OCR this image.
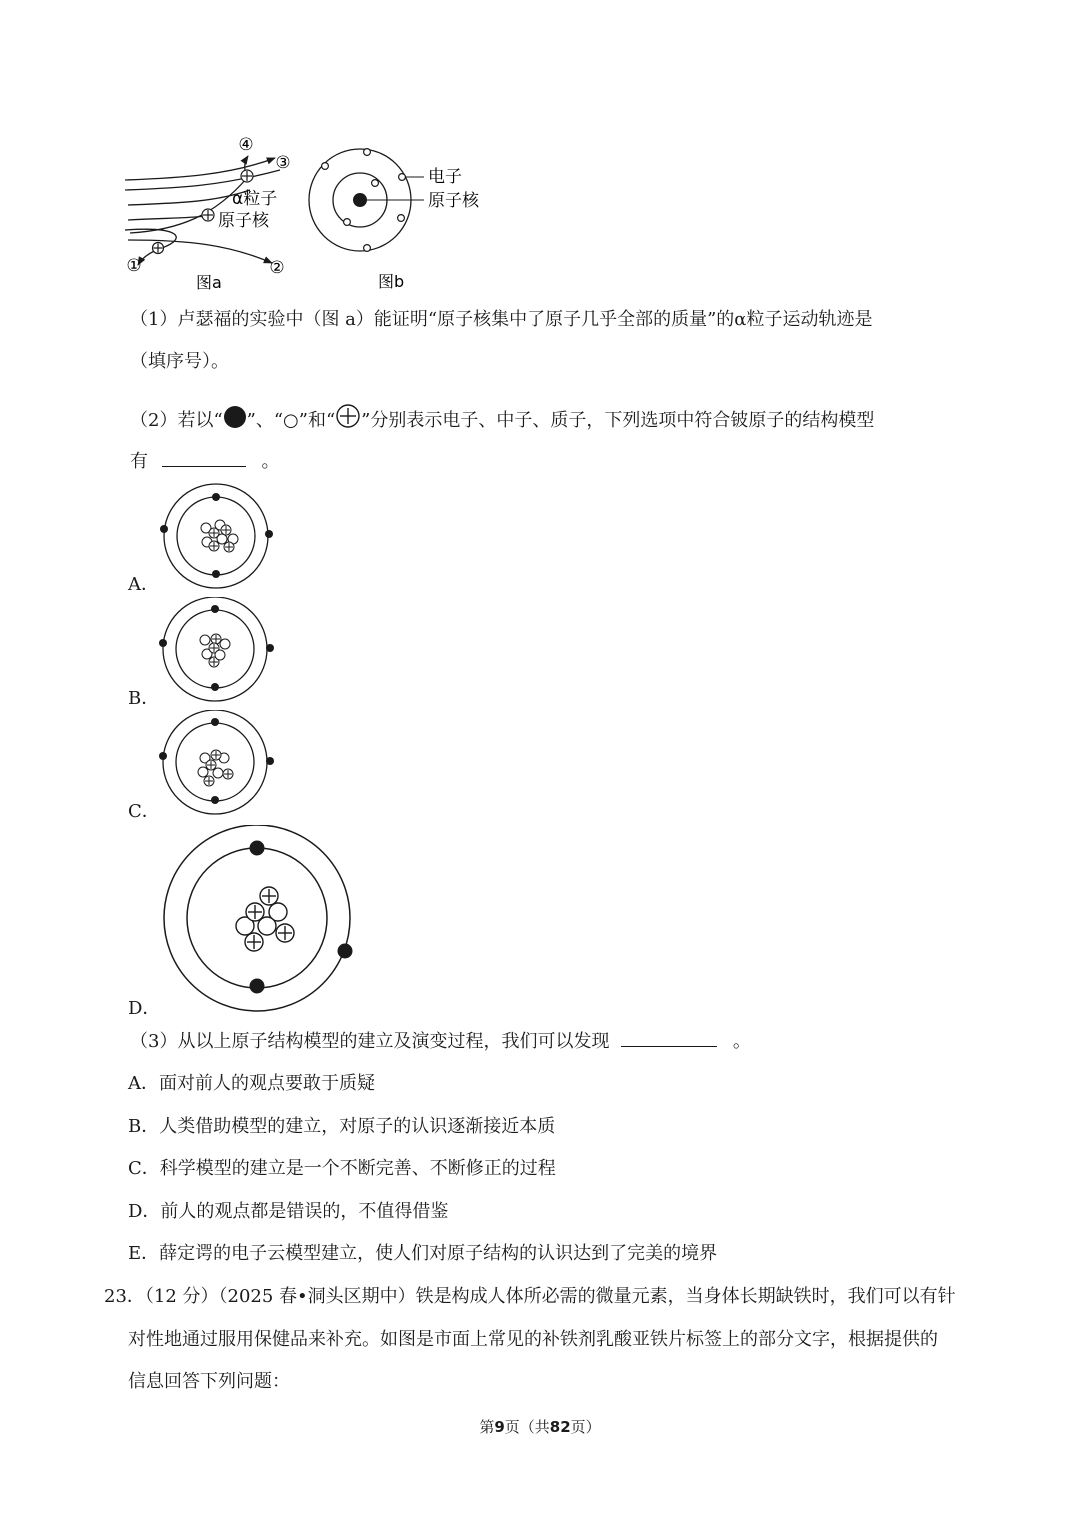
④
③
①	②
α粒子
原子核
图a
电子
原子核
图b
（1）卢瑟福的实验中（图 a）能证明“原子核集中了原子几乎全部的质量”的α粒子运动轨迹是
（填序号）。
（2）若以“ ”、“○”和“ ”分别表示电子、中子、质子，下列选项中符合铍原子的结构模型
有	。
A．
B．
C．
D．
（3）从以上原子结构模型的建立及演变过程，我们可以发现	。
A．面对前人的观点要敢于质疑
B．人类借助模型的建立，对原子的认识逐渐接近本质
C．科学模型的建立是一个不断完善、不断修正的过程
D．前人的观点都是错误的，不值得借鉴
E．薛定谔的电子云模型建立，使人们对原子结构的认识达到了完美的境界
23．（12 分）（2025 春•洞头区期中）铁是构成人体所必需的微量元素，当身体长期缺铁时，我们可以有针
对性地通过服用保健品来补充。如图是市面上常见的补铁剂乳酸亚铁片标签上的部分文字，根据提供的
信息回答下列问题：
第9页（共82页）
